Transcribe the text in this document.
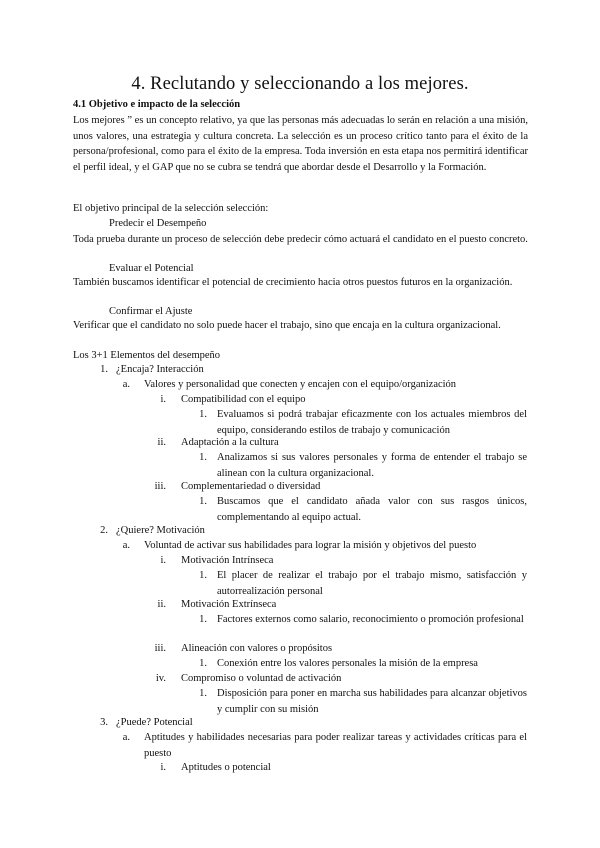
4. Reclutando y seleccionando a los mejores.

4.1 Objetivo e impacto de la selección

Los mejores ” es un concepto relativo, ya que las personas más adecuadas lo serán en relación a una misión, unos valores, una estrategia y cultura concreta. La selección es un proceso crítico tanto para el éxito de la persona/profesional, como para el éxito de la empresa. Toda inversión en esta etapa nos permitirá identificar el perfil ideal, y el GAP que no se cubra se tendrá que abordar desde el Desarrollo y la Formación.

El objetivo principal de la selección selección:

Predecir el Desempeño

Toda prueba durante un proceso de selección debe predecir cómo actuará el candidato en el puesto concreto.

Evaluar el Potencial

También buscamos identificar el potencial de crecimiento hacia otros puestos futuros en la organización.

Confirmar el Ajuste

Verificar que el candidato no solo puede hacer el trabajo, sino que encaja en la cultura organizacional.

Los 3+1 Elementos del desempeño

1. ¿Encaja? Interacción

a. Valores y personalidad que conecten y encajen con el equipo/organización

i. Compatibilidad con el equipo

1. Evaluamos si podrá trabajar eficazmente con los actuales miembros del equipo, considerando estilos de trabajo y comunicación

ii. Adaptación a la cultura

1. Analizamos si sus valores personales y forma de entender el trabajo se alinean con la cultura organizacional.

iii. Complementariedad o diversidad

1. Buscamos que el candidato añada valor con sus rasgos únicos, complementando al equipo actual.

2. ¿Quiere? Motivación

a. Voluntad de activar sus habilidades para lograr la misión y objetivos del puesto

i. Motivación Intrínseca

1. El placer de realizar el trabajo por el trabajo mismo, satisfacción y autorrealización personal

ii. Motivación Extrínseca

1. Factores externos como salario, reconocimiento o promoción profesional

iii. Alineación con valores o propósitos

1. Conexión entre los valores personales la misión de la empresa

iv. Compromiso o voluntad de activación

1. Disposición para poner en marcha sus habilidades para alcanzar objetivos y cumplir con su misión

3. ¿Puede? Potencial

a. Aptitudes y habilidades necesarias para poder realizar tareas y actividades críticas para el puesto

i. Aptitudes o potencial
